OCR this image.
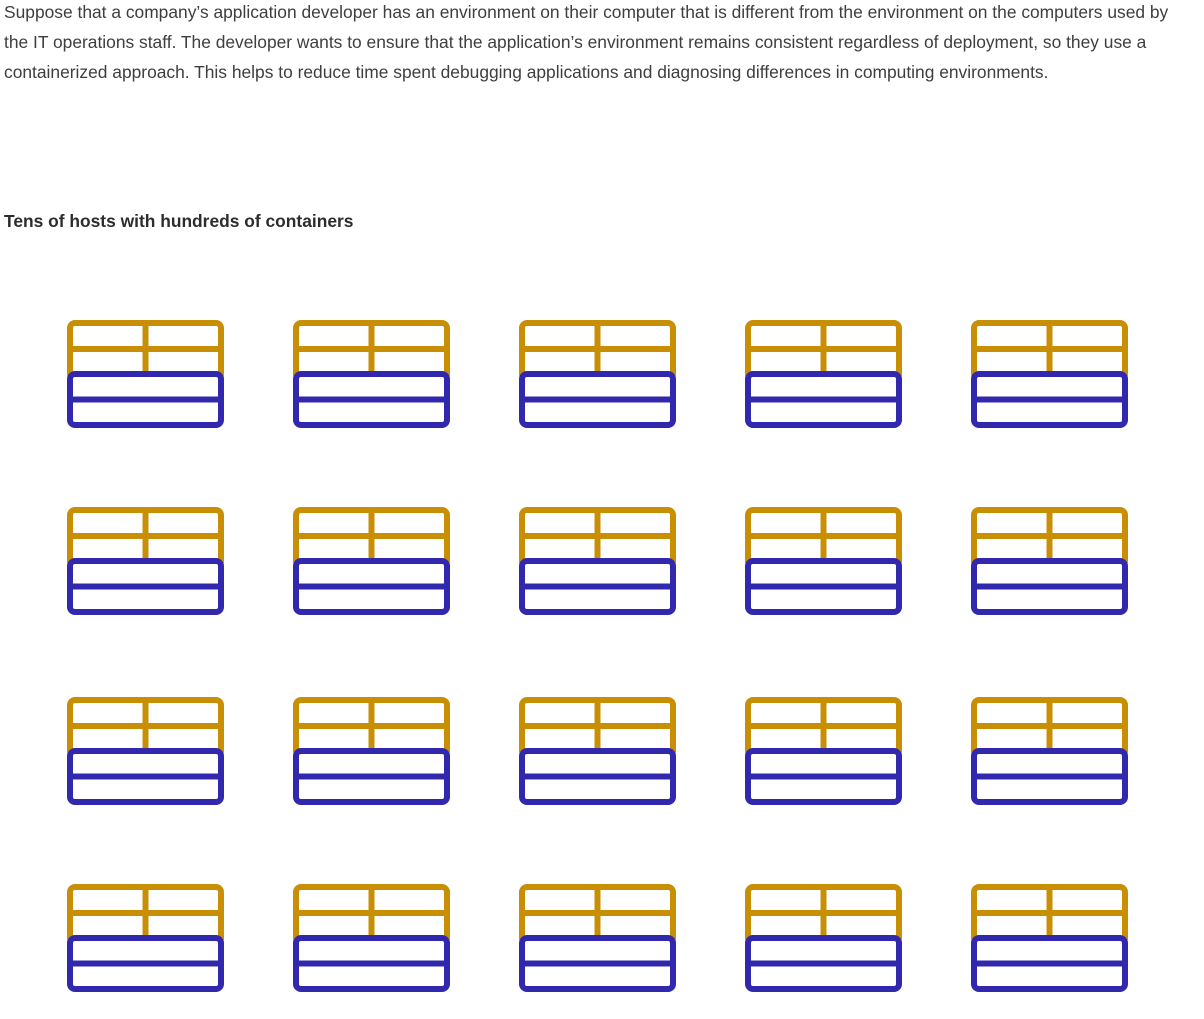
Suppose that a company’s application developer has an environment on their computer that is different from the environment on the computers used by the IT operations staff. The developer wants to ensure that the application’s environment remains consistent regardless of deployment, so they use a containerized approach. This helps to reduce time spent debugging applications and diagnosing differences in computing environments.

Tens of hosts with hundreds of containers
